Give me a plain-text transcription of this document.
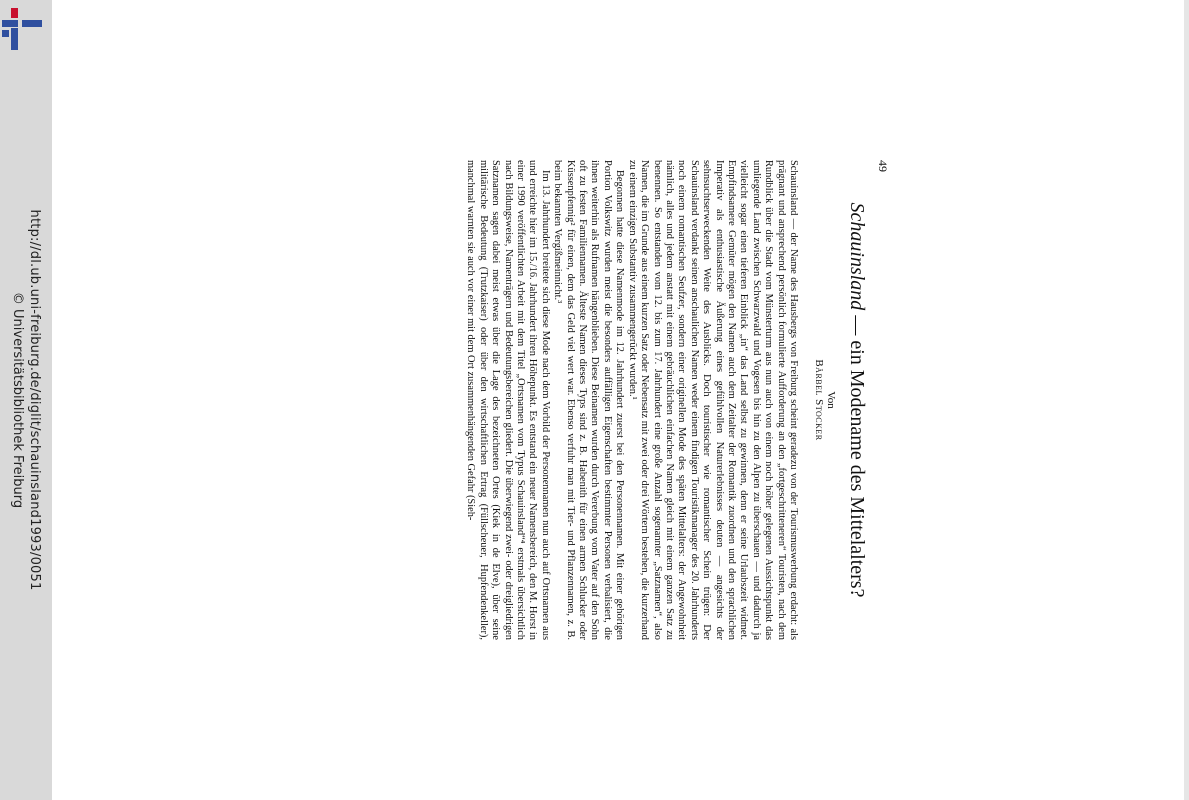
http://dl.ub.uni-freiburg.de/diglit/schauinsland1993/0051
© Universitätsbibliothek Freiburg
49
Schauinsland — ein Modename des Mittelalters?

Von

Bärbel Stocker

Schauinsland — der Name des Hausbergs von Freiburg scheint geradezu von der Tourismuswerbung erdacht: als prägnant und ansprechend persönlich formulierte Aufforderung an den „fortgeschritteneren“ Touristen, nach dem Rundblick über die Stadt vom Münsterturm aus nun auch von einem noch höher gelegenen Aussichtspunkt das umliegende Land zwischen Schwarzwald und Vogesen bis hin zu den Alpen zu überschauen — und dadurch ja vielleicht sogar einen tieferen Einblick „in“ das Land selbst zu gewinnen, denn er seine Urlaubszeit widmet. Empfindsamere Gemüter mögen den Namen auch dem Zeitalter der Romantik zuordnen und den sprachlichen Imperativ als enthusiastische Äußerung eines gefühlvollen Naturerlebnisses deuten — angesichts der sehnsuchtserweckenden Weite des Ausblicks. Doch touristischer wie romantischer Schein trügen: Der Schauinsland verdankt seinen anschaulichen Namen weder einem findigen Touristikmanager des 20. Jahrhunderts noch einem romantischen Seufzer, sondern einer originellen Mode des späten Mittelalters: der Angewohnheit nämlich, alles und jedem anstatt mit einem gebräuchlichen einfachen Namen gleich mit einem ganzen Satz zu benennen. So entstanden vom 12. bis zum 17. Jahrhundert eine große Anzahl sogenannter „Satznamen“, also Namen, die im Grunde aus einem kurzen Satz oder Nebensatz mit zwei oder drei Wörtern bestehen, die kurzerhand zu einem einzigen Substantiv zusammengerückt wurden.¹

Begonnen hatte diese Namenmode im 12. Jahrhundert zuerst bei den Personennamen. Mit einer gehörigen Portion Volkswitz wurden meist die besonders auffälligen Eigenschaften bestimmter Personen verbalisiert, die ihnen weiterhin als Rufnamen hängenblieben. Diese Beinamen wurden durch Vererbung vom Vater auf den Sohn oft zu festen Familiennamen. Älteste Namen dieses Typs sind z. B. Habenith für einen armen Schlucker oder Küssenpfennig² für einen, dem das Geld viel wert war. Ebenso verfuhr man mit Tier- und Pflanzennamen, z. B. beim bekannten Vergißmeinnicht.³

Im 13. Jahrhundert breitete sich diese Mode nach dem Vorbild der Personennamen nun auch auf Ortsnamen aus und erreichte hier im 15./16. Jahrhundert ihren Höhepunkt. Es entstand ein neuer Namensbereich, den M. Horst in einer 1990 veröffentlichten Arbeit mit dem Titel „Ortsnamen vom Typus Schauinsland“⁴ erstmals übersichtlich nach Bildungsweise, Namenträgern und Bedeutungsbereichen gliedert. Die überwiegend zwei- oder dreigliedrigen Satznamen sagen dabei meist etwas über die Lage des bezeichneten Ortes (Kiek in de Elve), über seine militärische Bedeutung (Trutzkaiser) oder über den wirtschaftlichen Ertrag (Füllscheuer, Hupfendenkeller), manchmal warnten sie auch vor einer mit dem Ort zusammenhängenden Gefahr (Sieh-
